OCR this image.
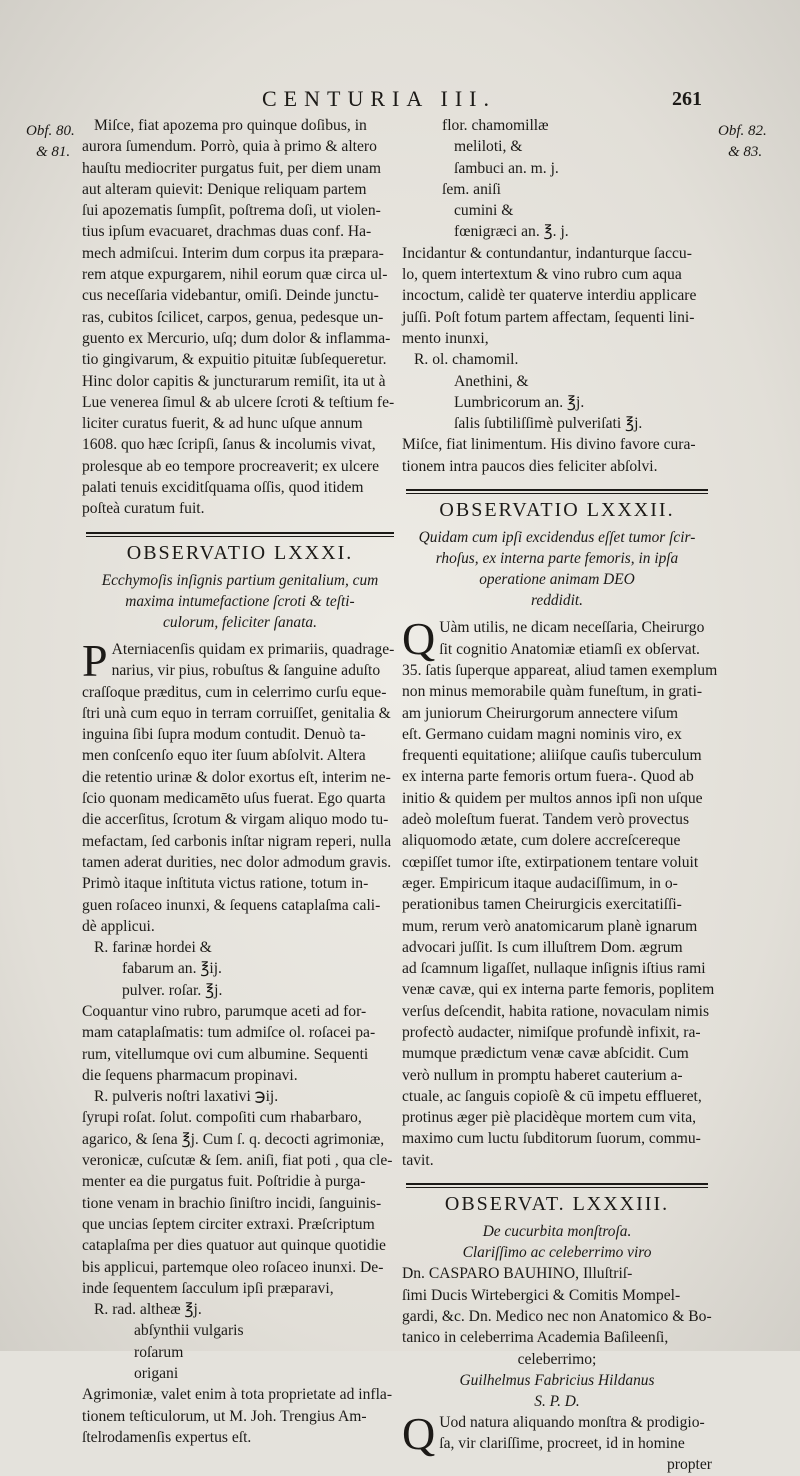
CENTURIA III.	261
Obf. 80.
& 81.
Obf. 82.
& 83.
Miſce, fiat apozema pro quinque doſibus, in
aurora ſumendum. Porrò, quia à primo & altero
hauſtu mediocriter purgatus fuit, per diem unam
aut alteram quievit: Denique reliquam partem
ſui apozematis ſumpſit, poſtrema doſi, ut violen-
tius ipſum evacuaret, drachmas duas conf. Ha-
mech admiſcui. Interim dum corpus ita præpara-
rem atque expurgarem, nihil eorum quæ circa ul-
cus neceſſaria videbantur, omiſi. Deinde junctu-
ras, cubitos ſcilicet, carpos, genua, pedesque un-
guento ex Mercurio, uſq; dum dolor & inflamma-
tio gingivarum, & expuitio pituitæ ſubſequeretur.
Hinc dolor capitis & juncturarum remiſit, ita ut à
Lue venerea ſimul & ab ulcere ſcroti & teſtium fe-
liciter curatus fuerit, & ad hunc uſque annum
1608. quo hæc ſcripſi, ſanus & incolumis vivat,
prolesque ab eo tempore procreaverit; ex ulcere
palati tenuis exciditſquama oſſis, quod itidem
poſteà curatum fuit.
OBSERVATIO LXXXI.
Ecchymoſis inſignis partium genitalium, cum
maxima intumefactione ſcroti & teſti-
culorum, feliciter ſanata.
P Aterniacenſis quidam ex primariis, quadrage-
narius, vir pius, robuſtus & ſanguine aduſto
craſſoque præditus, cum in celerrimo curſu eque-
ſtri unà cum equo in terram corruiſſet, genitalia &
inguina ſibi ſupra modum contudit. Denuò ta-
men conſcenſo equo iter ſuum abſolvit. Altera
die retentio urinæ & dolor exortus eſt, interim ne-
ſcio quonam medicamēto uſus fuerat. Ego quarta
die accerſitus, ſcrotum & virgam aliquo modo tu-
mefactam, ſed carbonis inſtar nigram reperi, nulla
tamen aderat durities, nec dolor admodum gravis.
Primò itaque inſtituta victus ratione, totum in-
guen roſaceo inunxi, & ſequens cataplaſma cali-
dè applicui.
R. farinæ hordei &
fabarum an. ℥ij.
pulver. roſar. ℥j.
Coquantur vino rubro, parumque aceti ad for-
mam cataplaſmatis: tum admiſce ol. roſacei pa-
rum, vitellumque ovi cum albumine. Sequenti
die ſequens pharmacum propinavi.
R. pulveris noſtri laxativi ℈ij.
ſyrupi roſat. ſolut. compoſiti cum rhabarbaro,
agarico, & ſena ℥j. Cum ſ. q. decocti agrimoniæ,
veronicæ, cuſcutæ & ſem. aniſi, fiat poti , qua cle-
menter ea die purgatus fuit. Poſtridie à purga-
tione venam in brachio ſiniſtro incidi, ſanguinis-
que uncias ſeptem circiter extraxi. Præſcriptum
cataplaſma per dies quatuor aut quinque quotidie
bis applicui, partemque oleo roſaceo inunxi. De-
inde ſequentem ſacculum ipſi præparavi,
R. rad. altheæ ℥j.
abſynthii vulgaris
roſarum
origani
Agrimoniæ, valet enim à tota proprietate ad infla-
tionem teſticulorum, ut M. Joh. Trengius Am-
ſtelrodamenſis expertus eſt.
flor. chamomillæ
meliloti, &
ſambuci an. m. j.
ſem. aniſi
cumini &
fœnigræci an. ℥. j.
Incidantur & contundantur, indanturque ſaccu-
lo, quem intertextum & vino rubro cum aqua
incoctum, calidè ter quaterve interdiu applicare
juſſi. Poſt fotum partem affectam, ſequenti lini-
mento inunxi,
R. ol. chamomil.
Anethini, &
Lumbricorum an. ℥j.
ſalis ſubtiliſſimè pulveriſati ℥j.
Miſce, fiat linimentum. His divino favore cura-
tionem intra paucos dies feliciter abſolvi.
OBSERVATIO LXXXII.
Quidam cum ipſi excidendus eſſet tumor ſcir-
rhoſus, ex interna parte femoris, in ipſa
operatione animam DEO
reddidit.
Q Uàm utilis, ne dicam neceſſaria, Cheirurgo
ſit cognitio Anatomiæ etiamſi ex obſervat.
35. ſatis ſuperque appareat, aliud tamen exemplum
non minus memorabile quàm funeſtum, in grati-
am juniorum Cheirurgorum annectere viſum
eſt. Germano cuidam magni nominis viro, ex
frequenti equitatione; aliiſque cauſis tuberculum
ex interna parte femoris ortum fuera-. Quod ab
initio & quidem per multos annos ipſi non uſque
adeò moleſtum fuerat. Tandem verò provectus
aliquomodo ætate, cum dolere accreſcereque
cœpiſſet tumor iſte, extirpationem tentare voluit
æger. Empiricum itaque audaciſſimum, in o-
perationibus tamen Cheirurgicis exercitatiſſi-
mum, rerum verò anatomicarum planè ignarum
advocari juſſit. Is cum illuſtrem Dom. ægrum
ad ſcamnum ligaſſet, nullaque inſignis iſtius rami
venæ cavæ, qui ex interna parte femoris, poplitem
verſus deſcendit, habita ratione, novaculam nimis
profectò audacter, nimiſque profundè infixit, ra-
mumque prædictum venæ cavæ abſcidit. Cum
verò nullum in promptu haberet cauterium a-
ctuale, ac ſanguis copioſè & cū impetu efflueret,
protinus æger piè placidèque mortem cum vita,
maximo cum luctu ſubditorum ſuorum, commu-
tavit.
OBSERVAT. LXXXIII.
De cucurbita monſtroſa.
Clariſſimo ac celeberrimo viro
Dn. CASPARO BAUHINO, Illuſtriſ-
ſimi Ducis Wirtebergici & Comitis Mompel-
gardi, &c. Dn. Medico nec non Anatomico & Bo-
tanico in celeberrima Academia Baſileenſi,
celeberrimo;
Guilhelmus Fabricius Hildanus
S. P. D.
Q Uod natura aliquando monſtra & prodigio-
ſa, vir clariſſime, procreet, id in homine
propter
